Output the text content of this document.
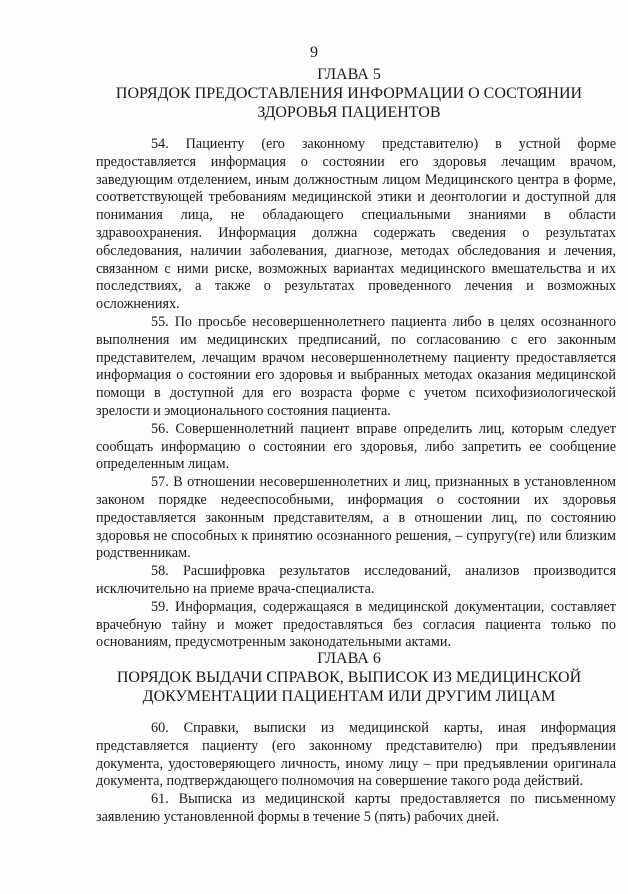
9
ГЛАВА 5
ПОРЯДОК ПРЕДОСТАВЛЕНИЯ ИНФОРМАЦИИ О СОСТОЯНИИ
ЗДОРОВЬЯ ПАЦИЕНТОВ

54. Пациенту (его законному представителю) в устной форме предоставляется информация о состоянии его здоровья лечащим врачом, заведующим отделением, иным должностным лицом Медицинского центра в форме, соответствующей требованиям медицинской этики и деонтологии и доступной для понимания лица, не обладающего специальными знаниями в области здравоохранения. Информация должна содержать сведения о результатах обследования, наличии заболевания, диагнозе, методах обследования и лечения, связанном с ними риске, возможных вариантах медицинского вмешательства и их последствиях, а также о результатах проведенного лечения и возможных осложнениях.

55. По просьбе несовершеннолетнего пациента либо в целях осознанного выполнения им медицинских предписаний, по согласованию с его законным представителем, лечащим врачом несовершеннолетнему пациенту предоставляется информация о состоянии его здоровья и выбранных методах оказания медицинской помощи в доступной для его возраста форме с учетом психофизиологической зрелости и эмоционального состояния пациента.

56. Совершеннолетний пациент вправе определить лиц, которым следует сообщать информацию о состоянии его здоровья, либо запретить ее сообщение определенным лицам.

57. В отношении несовершеннолетних и лиц, признанных в установленном законом порядке недееспособными, информация о состоянии их здоровья предоставляется законным представителям, а в отношении лиц, по состоянию здоровья не способных к принятию осознанного решения, – супругу(ге) или близким родственникам.

58. Расшифровка результатов исследований, анализов производится исключительно на приеме врача-специалиста.

59. Информация, содержащаяся в медицинской документации, составляет врачебную тайну и может предоставляться без согласия пациента только по основаниям, предусмотренным законодательными актами.

ГЛАВА 6
ПОРЯДОК ВЫДАЧИ СПРАВОК, ВЫПИСОК ИЗ МЕДИЦИНСКОЙ
ДОКУМЕНТАЦИИ ПАЦИЕНТАМ ИЛИ ДРУГИМ ЛИЦАМ

60. Справки, выписки из медицинской карты, иная информация представляется пациенту (его законному представителю) при предъявлении документа, удостоверяющего личность, иному лицу – при предъявлении оригинала документа, подтверждающего полномочия на совершение такого рода действий.

61. Выписка из медицинской карты предоставляется по письменному заявлению установленной формы в течение 5 (пять) рабочих дней.
